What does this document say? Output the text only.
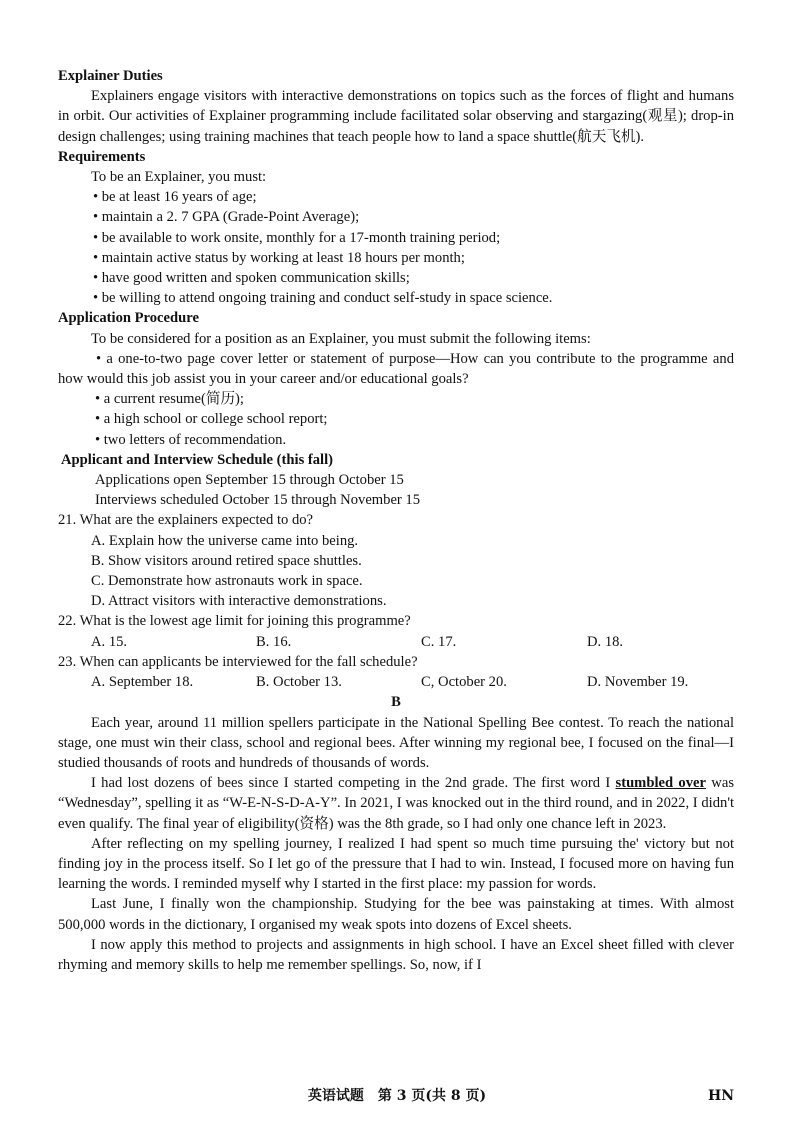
Explainer Duties

Explainers engage visitors with interactive demonstrations on topics such as the forces of flight and humans in orbit. Our activities of Explainer programming include facilitated solar observing and stargazing(观星); drop-in design challenges; using training machines that teach people how to land a space shuttle(航天飞机).

Requirements

To be an Explainer, you must:

• be at least 16 years of age;

• maintain a 2. 7 GPA (Grade-Point Average);

• be available to work onsite, monthly for a 17-month training period;

• maintain active status by working at least 18 hours per month;

• have good written and spoken communication skills;

• be willing to attend ongoing training and conduct self-study in space science.

Application Procedure

To be considered for a position as an Explainer, you must submit the following items:

• a one-to-two page cover letter or statement of purpose—How can you contribute to the programme and how would this job assist you in your career and/or educational goals?

• a current resume(简历);

• a high school or college school report;

• two letters of recommendation.

Applicant and Interview Schedule (this fall)

Applications open September 15 through October 15

Interviews scheduled October 15 through November 15

21. What are the explainers expected to do?

A. Explain how the universe came into being.

B. Show visitors around retired space shuttles.

C. Demonstrate how astronauts work in space.

D. Attract visitors with interactive demonstrations.

22. What is the lowest age limit for joining this programme?

A. 15.	B. 16.	C. 17.	D. 18.

23. When can applicants be interviewed for the fall schedule?

A. September 18.	B. October 13.	C, October 20.	D. November 19.

B

Each year, around 11 million spellers participate in the National Spelling Bee contest. To reach the national stage, one must win their class, school and regional bees. After winning my regional bee, I focused on the final—I studied thousands of roots and hundreds of thousands of words.

I had lost dozens of bees since I started competing in the 2nd grade. The first word I stumbled over was “Wednesday”, spelling it as “W-E-N-S-D-A-Y”. In 2021, I was knocked out in the third round, and in 2022, I didn't even qualify. The final year of eligibility(资格) was the 8th grade, so I had only one chance left in 2023.

After reflecting on my spelling journey, I realized I had spent so much time pursuing the' victory but not finding joy in the process itself. So I let go of the pressure that I had to win. Instead, I focused more on having fun learning the words. I reminded myself why I started in the first place: my passion for words.

Last June, I finally won the championship. Studying for the bee was painstaking at times. With almost 500,000 words in the dictionary, I organised my weak spots into dozens of Excel sheets.

I now apply this method to projects and assignments in high school. I have an Excel sheet filled with clever rhyming and memory skills to help me remember spellings. So, now, if I

英语试题　第 3 页(共 8 页)	HN
